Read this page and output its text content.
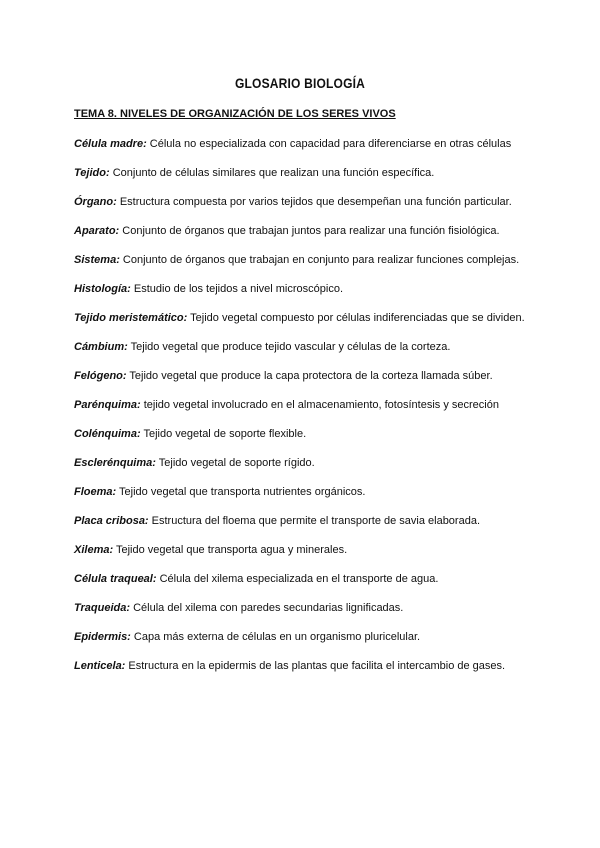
GLOSARIO BIOLOGÍA
TEMA 8. NIVELES DE ORGANIZACIÓN DE LOS SERES VIVOS
Célula madre: Célula no especializada con capacidad para diferenciarse en otras células
Tejido: Conjunto de células similares que realizan una función específica.
Órgano: Estructura compuesta por varios tejidos que desempeñan una función particular.
Aparato: Conjunto de órganos que trabajan juntos para realizar una función fisiológica.
Sistema: Conjunto de órganos que trabajan en conjunto para realizar funciones complejas.
Histología: Estudio de los tejidos a nivel microscópico.
Tejido meristemático: Tejido vegetal compuesto por células indiferenciadas que se dividen.
Cámbium: Tejido vegetal que produce tejido vascular y células de la corteza.
Felógeno: Tejido vegetal que produce la capa protectora de la corteza llamada súber.
Parénquima: tejido vegetal involucrado en el almacenamiento, fotosíntesis y secreción
Colénquima: Tejido vegetal de soporte flexible.
Esclerénquima: Tejido vegetal de soporte rígido.
Floema: Tejido vegetal que transporta nutrientes orgánicos.
Placa cribosa: Estructura del floema que permite el transporte de savia elaborada.
Xilema: Tejido vegetal que transporta agua y minerales.
Célula traqueal: Célula del xilema especializada en el transporte de agua.
Traqueida: Célula del xilema con paredes secundarias lignificadas.
Epidermis: Capa más externa de células en un organismo pluricelular.
Lenticela: Estructura en la epidermis de las plantas que facilita el intercambio de gases.
